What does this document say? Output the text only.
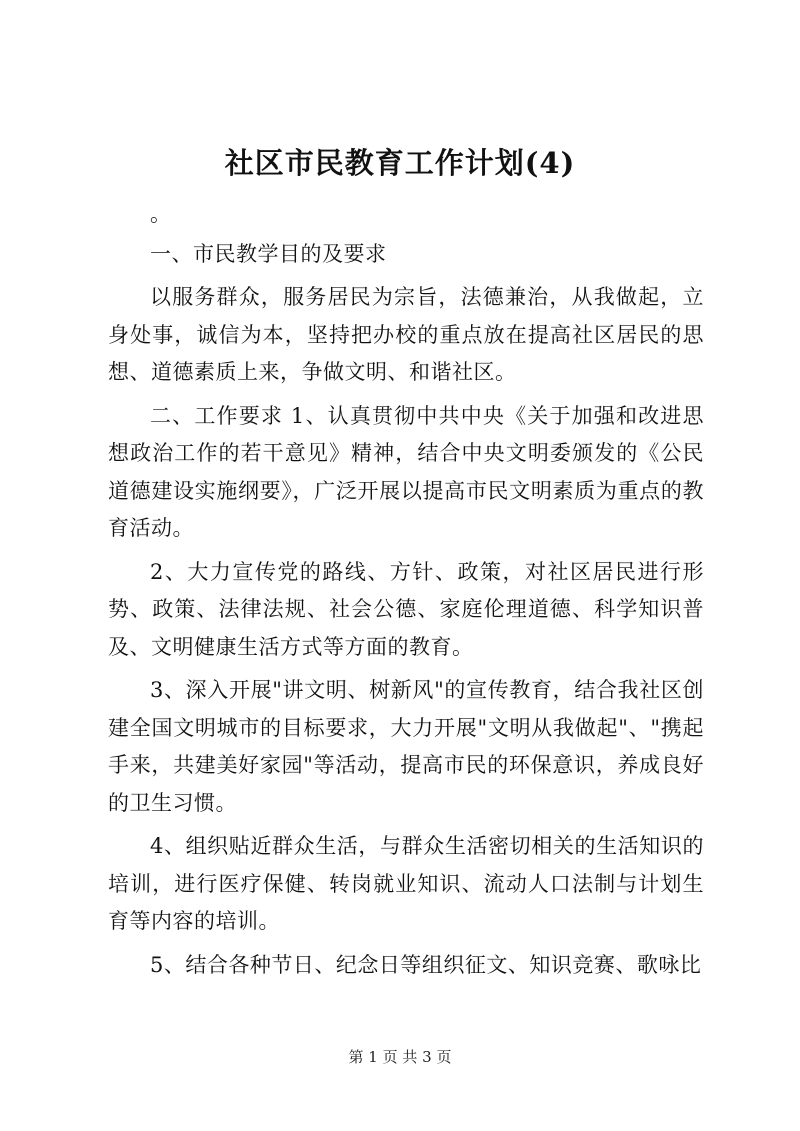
社区市民教育工作计划(4)

。

一、市民教学目的及要求

以服务群众，服务居民为宗旨，法德兼治，从我做起，立身处事，诚信为本，坚持把办校的重点放在提高社区居民的思想、道德素质上来，争做文明、和谐社区。

二、工作要求 1、认真贯彻中共中央《关于加强和改进思想政治工作的若干意见》精神，结合中央文明委颁发的《公民道德建设实施纲要》，广泛开展以提高市民文明素质为重点的教育活动。

2、大力宣传党的路线、方针、政策，对社区居民进行形势、政策、法律法规、社会公德、家庭伦理道德、科学知识普及、文明健康生活方式等方面的教育。

3、深入开展"讲文明、树新风"的宣传教育，结合我社区创建全国文明城市的目标要求，大力开展"文明从我做起"、"携起手来，共建美好家园"等活动，提高市民的环保意识，养成良好的卫生习惯。

4、组织贴近群众生活，与群众生活密切相关的生活知识的培训，进行医疗保健、转岗就业知识、流动人口法制与计划生育等内容的培训。

5、结合各种节日、纪念日等组织征文、知识竞赛、歌咏比

第 1 页 共 3 页
